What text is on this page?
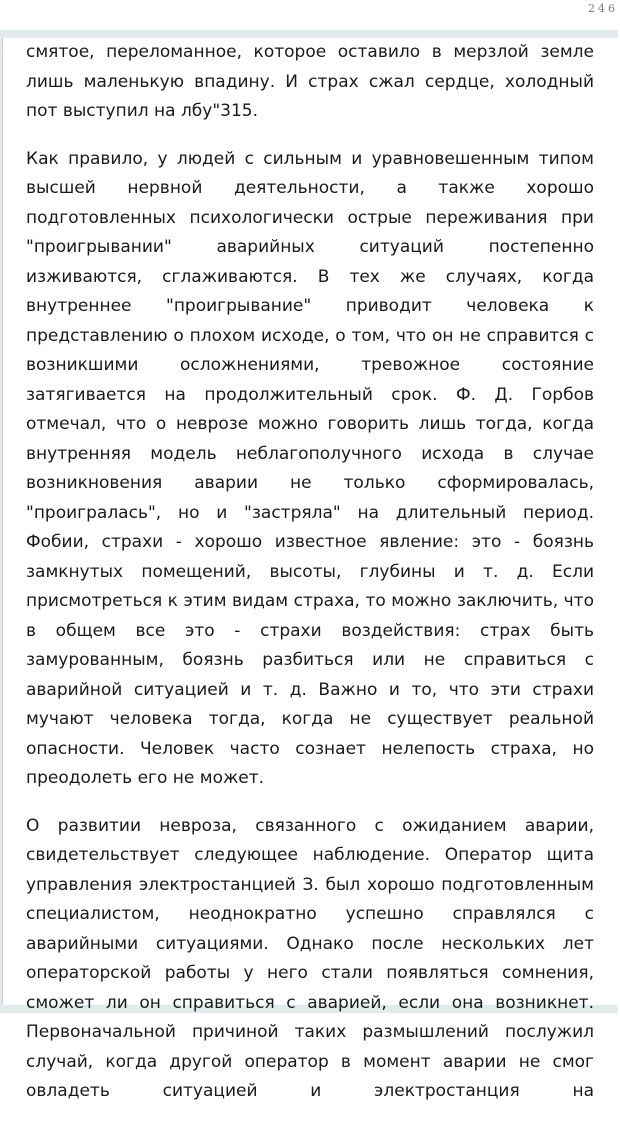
246

смятое, переломанное, которое оставило в мерзлой земле лишь маленькую впадину. И страх сжал сердце, холодный пот выступил на лбу"315.

Как правило, у людей с сильным и уравновешенным типом высшей нервной деятельности, а также хорошо подготовленных психологически острые переживания при "проигрывании" аварийных ситуаций постепенно изживаются, сглаживаются. В тех же случаях, когда внутреннее "проигрывание" приводит человека к представлению о плохом исходе, о том, что он не справится с возникшими осложнениями, тревожное состояние затягивается на продолжительный срок. Ф. Д. Горбов отмечал, что о неврозе можно говорить лишь тогда, когда внутренняя модель неблагополучного исхода в случае возникновения аварии не только сформировалась, "проигралась", но и "застряла" на длительный период. Фобии, страхи - хорошо известное явление: это - боязнь замкнутых помещений, высоты, глубины и т. д. Если присмотреться к этим видам страха, то можно заключить, что в общем все это - страхи воздействия: страх быть замурованным, боязнь разбиться или не справиться с аварийной ситуацией и т. д. Важно и то, что эти страхи мучают человека тогда, когда не существует реальной опасности. Человек часто сознает нелепость страха, но преодолеть его не может.

О развитии невроза, связанного с ожиданием аварии, свидетельствует следующее наблюдение. Оператор щита управления электростанцией З. был хорошо подготовленным специалистом, неоднократно успешно справлялся с аварийными ситуациями. Однако после нескольких лет операторской работы у него стали появляться сомнения, сможет ли он справиться с аварией, если она возникнет. Первоначальной причиной таких размышлений послужил случай, когда другой оператор в момент аварии не смог овладеть ситуацией и электростанция на
